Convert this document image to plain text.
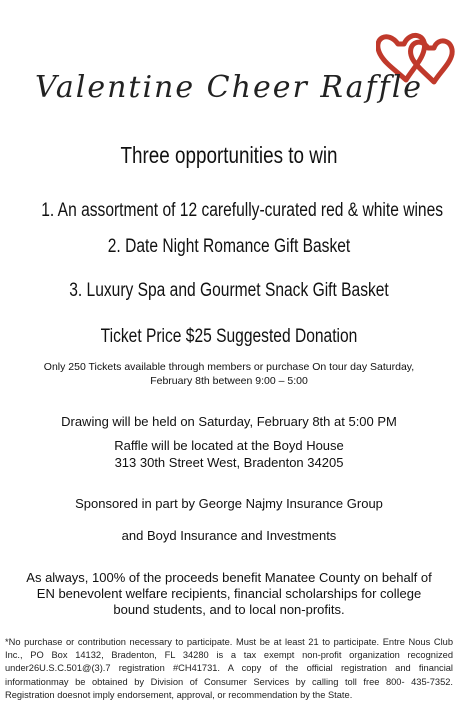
Valentine Cheer Raffle
Three opportunities to win
1. An assortment of 12 carefully-curated red & white wines
2. Date Night Romance Gift Basket
3. Luxury Spa and Gourmet Snack Gift Basket
Ticket Price $25 Suggested Donation
Only 250 Tickets available through members or purchase On tour day Saturday, February 8th between 9:00 – 5:00
Drawing will be held on Saturday, February 8th at 5:00 PM
Raffle will be located at the Boyd House
313 30th Street West, Bradenton 34205
Sponsored in part by George Najmy Insurance Group
and Boyd Insurance and Investments
As always, 100% of the proceeds benefit Manatee County on behalf of EN benevolent welfare recipients, financial scholarships for college bound students, and to local non-profits.
*No purchase or contribution necessary to participate. Must be at least 21 to participate. Entre Nous Club Inc., PO Box 14132, Bradenton, FL 34280 is a tax exempt non-profit organization recognized under26U.S.C.501@(3).7 registration #CH41731. A copy of the official registration and financial informationmay be obtained by Division of Consumer Services by calling toll free 800- 435-7352. Registration doesnot imply endorsement, approval, or recommendation by the State.
